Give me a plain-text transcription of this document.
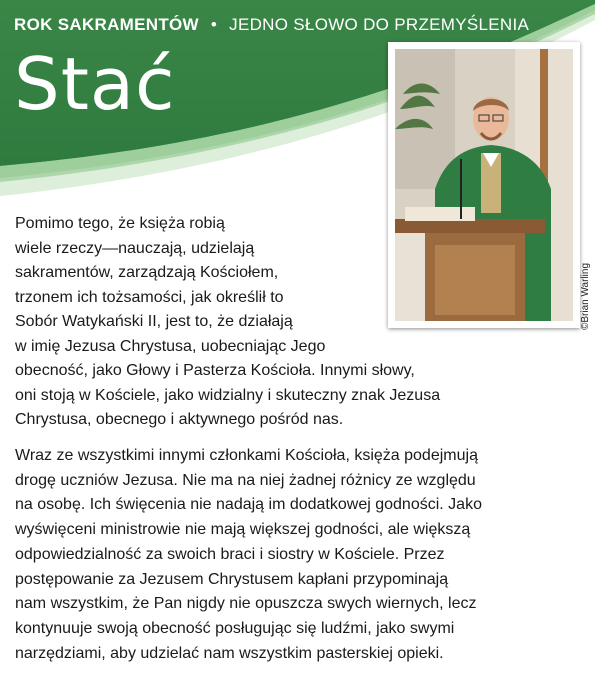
ROK SAKRAMENTÓW • JEDNO SŁOWO DO PRZEMYŚLENIA
Stać
©Brian Warling

Pomimo tego, że księża robią
wiele rzeczy—nauczają, udzielają
sakramentów, zarządzają Kościołem,
trzonem ich tożsamości, jak określił to
Sobór Watykański II, jest to, że działają
w imię Jezusa Chrystusa, uobecniając Jego
obecność, jako Głowy i Pasterza Kościoła. Innymi słowy,
oni stoją w Kościele, jako widzialny i skuteczny znak Jezusa
Chrystusa, obecnego i aktywnego pośród nas.

Wraz ze wszystkimi innymi członkami Kościoła, księża podejmują
drogę uczniów Jezusa. Nie ma na niej żadnej różnicy ze względu
na osobę. Ich święcenia nie nadają im dodatkowej godności. Jako
wyświęceni ministrowie nie mają większej godności, ale większą
odpowiedzialność za swoich braci i siostry w Kościele. Przez
postępowanie za Jezusem Chrystusem kapłani przypominają
nam wszystkim, że Pan nigdy nie opuszcza swych wiernych, lecz
kontynuuje swoją obecność posługując się ludźmi, jako swymi
narzędziami, aby udzielać nam wszystkim pasterskiej opieki.
